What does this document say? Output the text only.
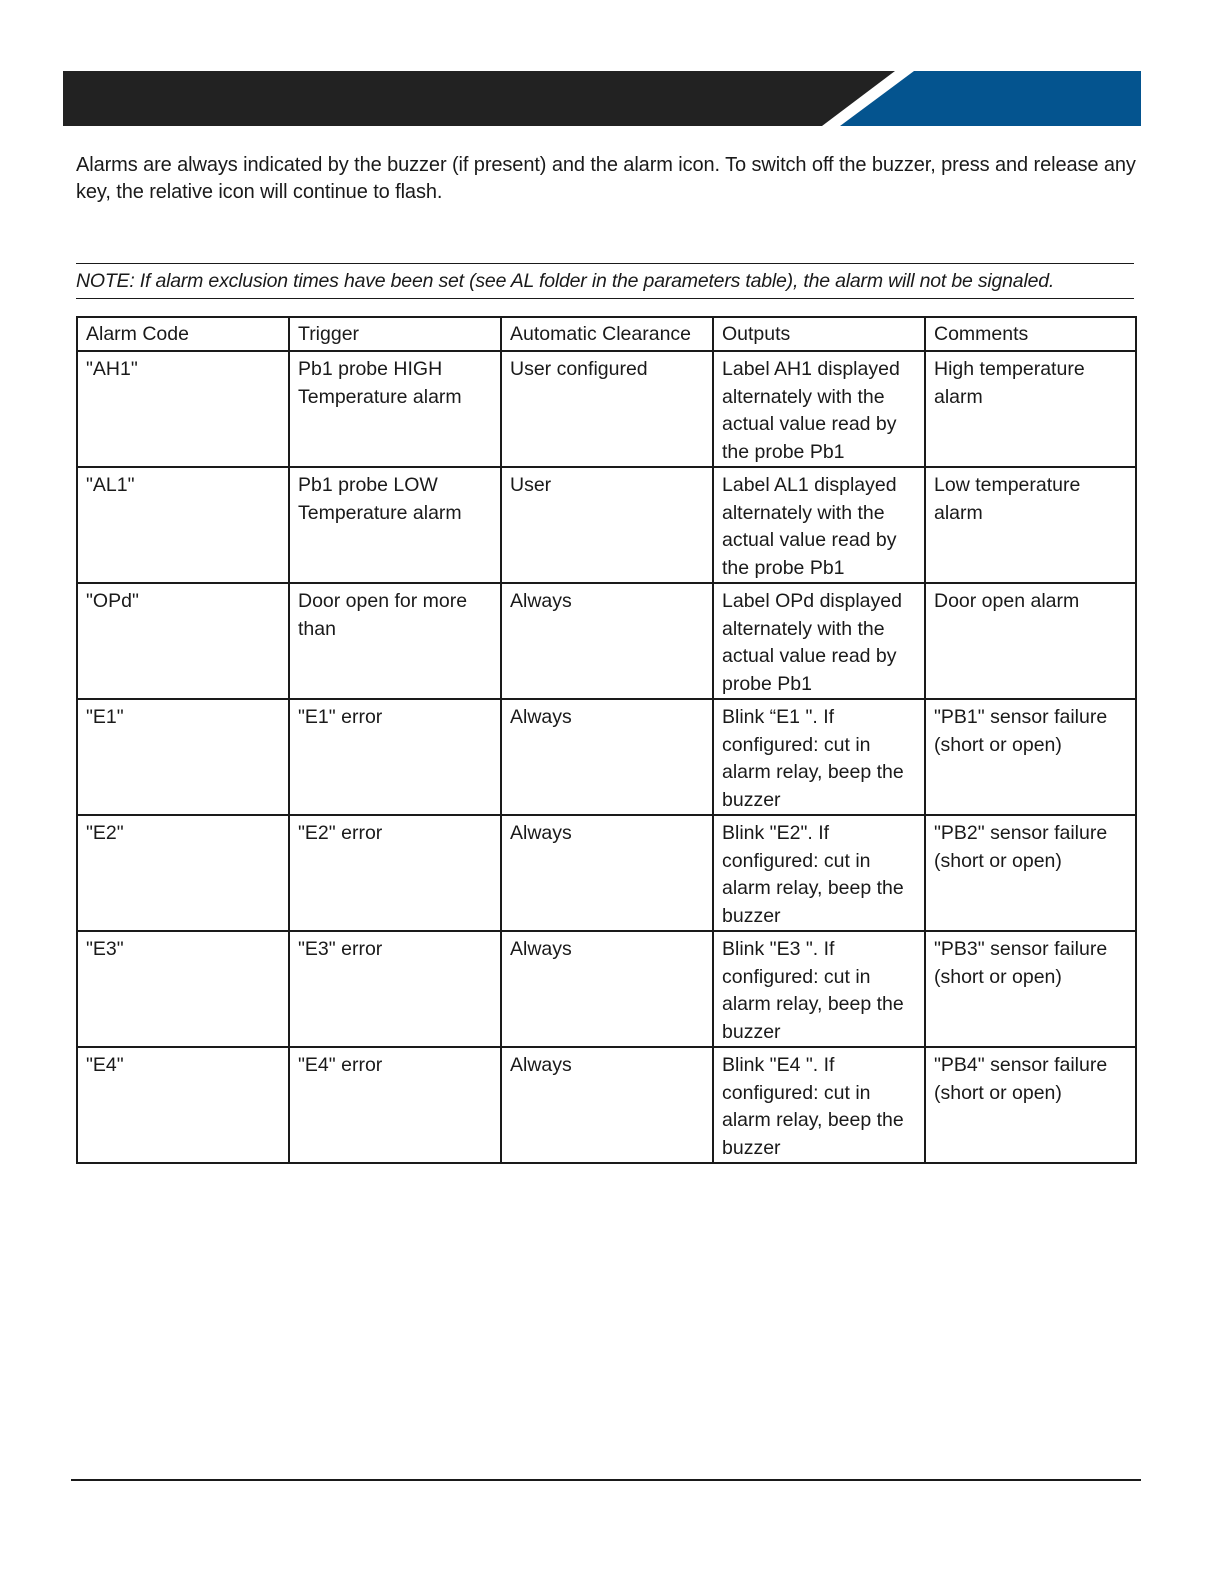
Alarms are always indicated by the buzzer (if present) and the alarm icon. To switch off the buzzer, press and release any key, the relative icon will continue to flash.

NOTE: If alarm exclusion times have been set (see AL folder in the parameters table), the alarm will not be signaled.
Alarm Code	Trigger	Automatic Clearance	Outputs	Comments
"AH1"	Pb1 probe HIGH Temperature alarm	User configured	Label AH1 displayed alternately with the actual value read by the probe Pb1	High temperature alarm
"AL1"	Pb1 probe LOW Temperature alarm	User	Label AL1 displayed alternately with the actual value read by the probe Pb1	Low temperature alarm
"OPd"	Door open for more than	Always	Label OPd displayed alternately with the actual value read by probe Pb1	Door open alarm
"E1"	"E1" error	Always	Blink “E1 ". If configured: cut in alarm relay, beep the buzzer	"PB1" sensor failure (short or open)
"E2"	"E2" error	Always	Blink "E2". If configured: cut in alarm relay, beep the buzzer	"PB2" sensor failure (short or open)
"E3"	"E3" error	Always	Blink "E3 ". If configured: cut in alarm relay, beep the buzzer	"PB3" sensor failure (short or open)
"E4"	"E4" error	Always	Blink "E4 ". If configured: cut in alarm relay, beep the buzzer	"PB4" sensor failure (short or open)
